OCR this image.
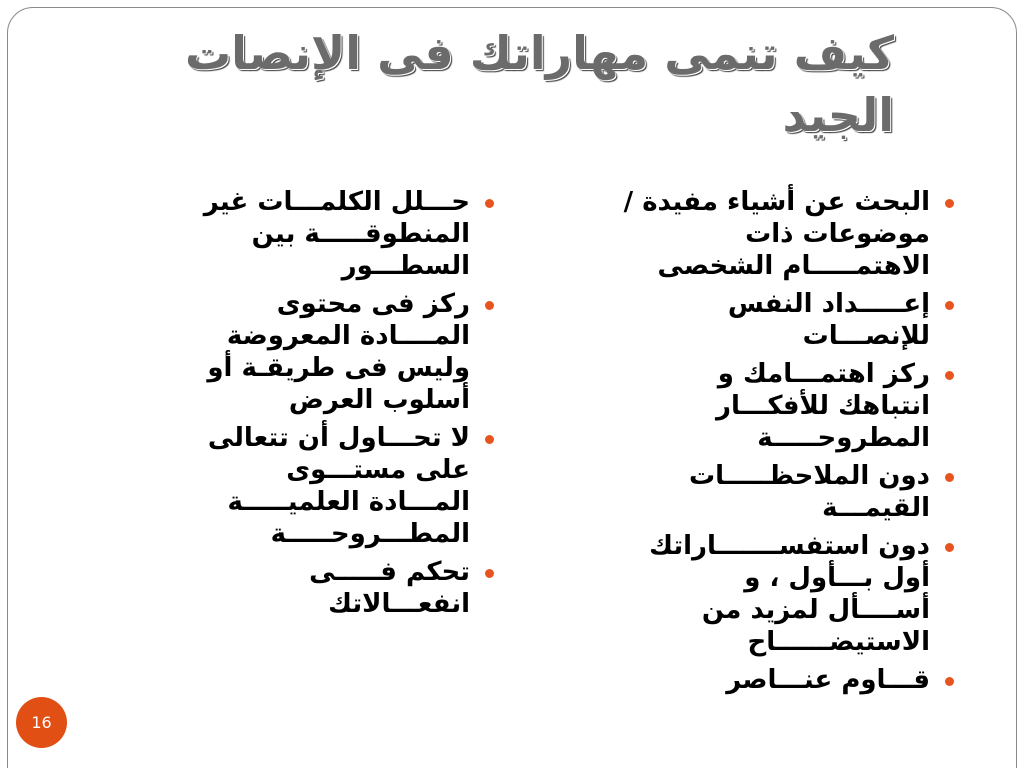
كيف تنمى مهاراتك فى الإنصات الجيد
البحث عن أشياء مفيدة / موضوعات ذات
الاهتمـــــام الشخصى
إعـــــداد النفس
للإنصـــات
ركز اهتمـــامك و
انتباهك للأفكـــار
المطروحـــــة
دون الملاحظـــــات
القيمـــة
دون استفســـــــاراتك
أول بـــأول ، و
أســــأل لمزيد من
الاستيضــــــاح
قـــاوم عنـــاصر
حـــلل الكلمـــات غير
المنطوقـــــة بين
السطـــور
ركز فى محتوى
المــــادة المعروضة
وليس فى طريقـة أو
أسلوب العرض
لا تحـــاول أن تتعالى
على مستـــوى
المـــادة العلميـــــة
المطـــروحـــــة
تحكم فـــــى
انفعـــالاتك
16
